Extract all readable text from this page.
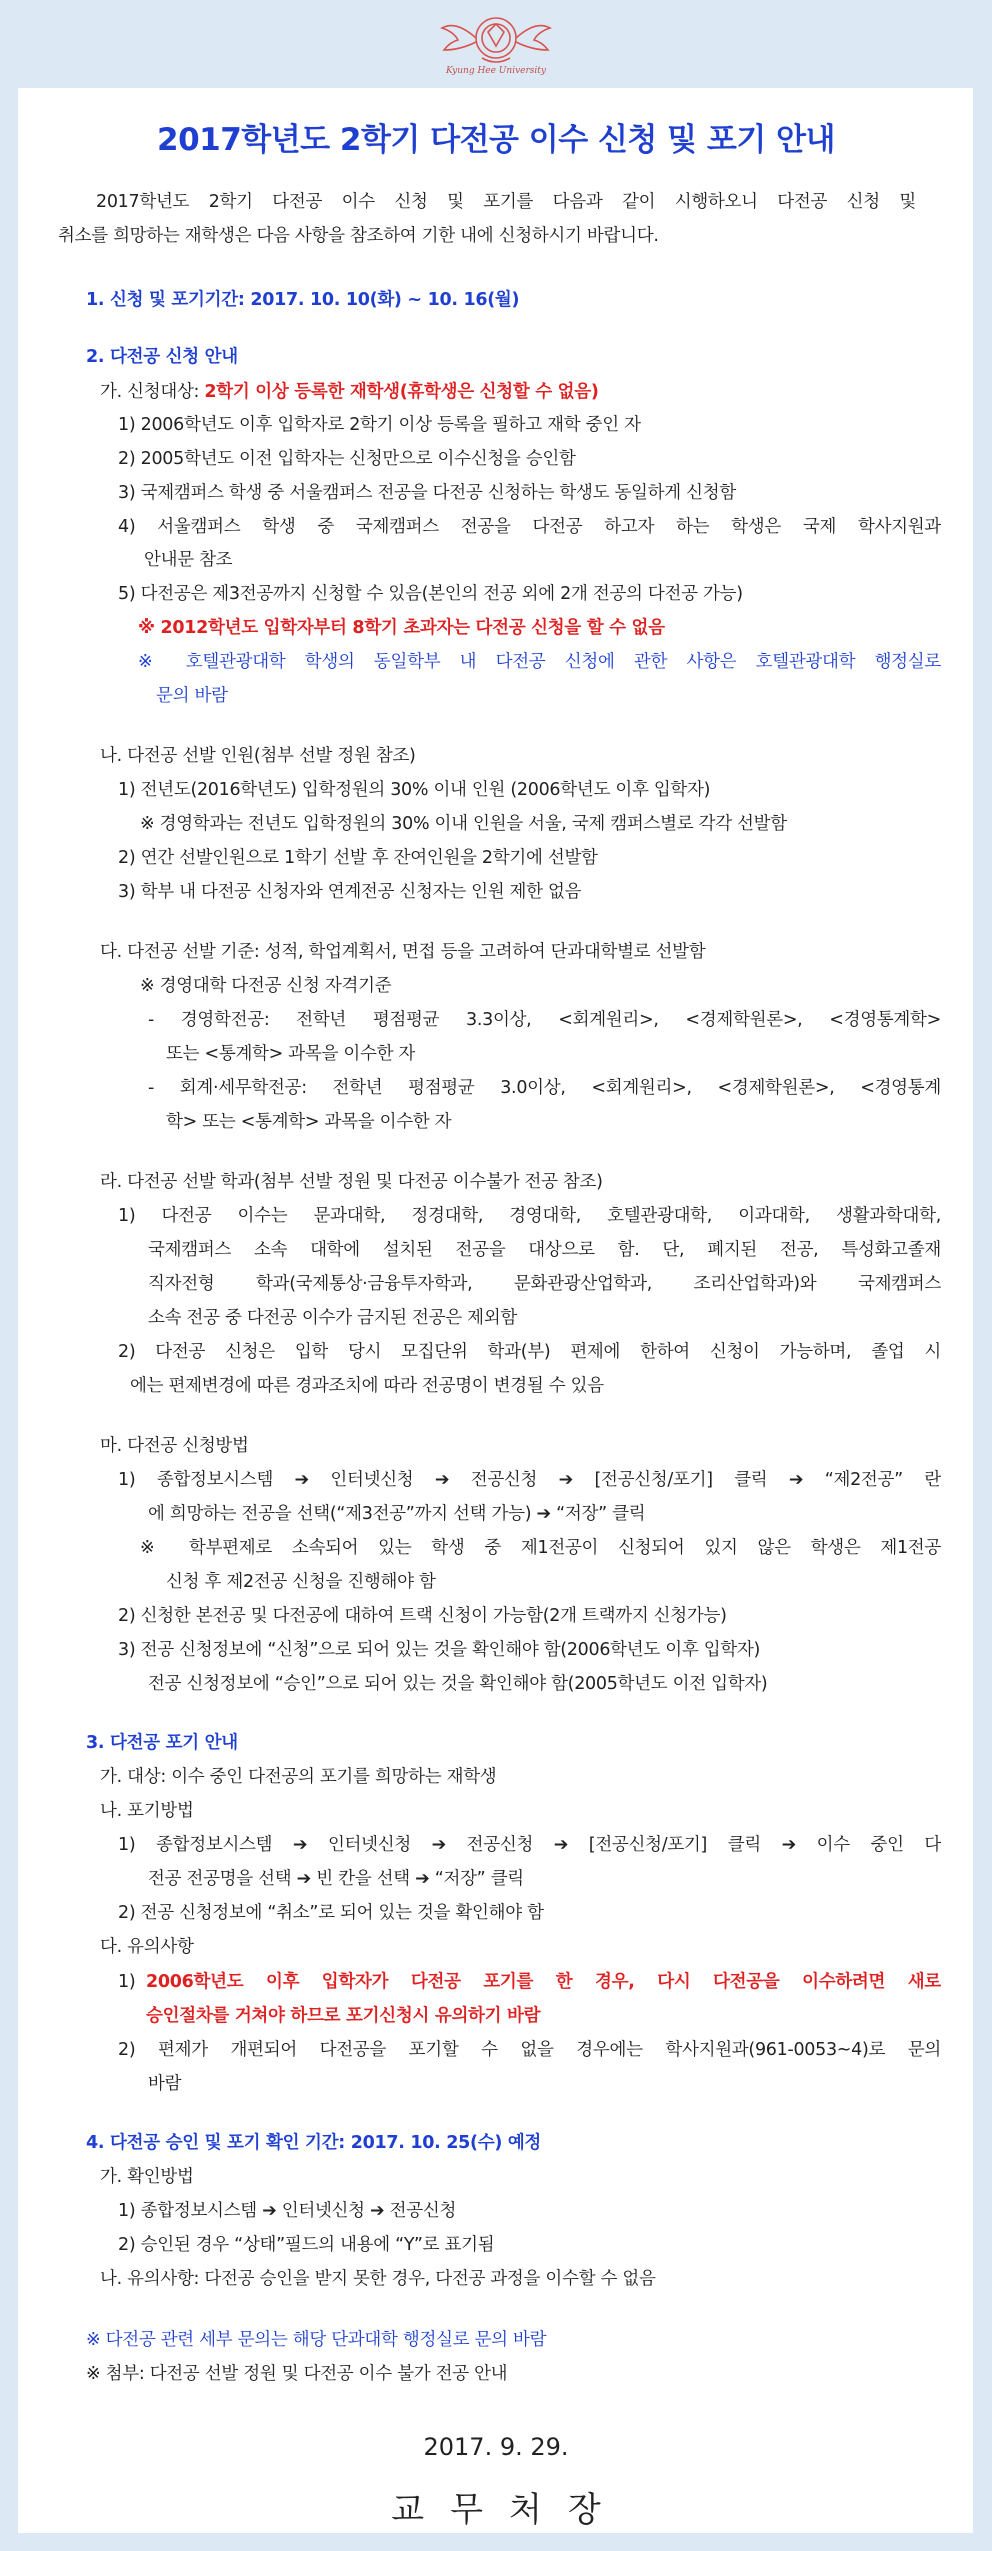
Kyung Hee University
2017학년도 2학기 다전공 이수 신청 및 포기 안내
2017학년도 2학기 다전공 이수 신청 및 포기를 다음과 같이 시행하오니 다전공 신청 및
취소를 희망하는 재학생은 다음 사항을 참조하여 기한 내에 신청하시기 바랍니다.
1. 신청 및 포기기간: 2017. 10. 10(화) ~ 10. 16(월)
2. 다전공 신청 안내
가. 신청대상: 2학기 이상 등록한 재학생(휴학생은 신청할 수 없음)
1) 2006학년도 이후 입학자로 2학기 이상 등록을 필하고 재학 중인 자
2) 2005학년도 이전 입학자는 신청만으로 이수신청을 승인함
3) 국제캠퍼스 학생 중 서울캠퍼스 전공을 다전공 신청하는 학생도 동일하게 신청함
4) 서울캠퍼스 학생 중 국제캠퍼스 전공을 다전공 하고자 하는 학생은 국제 학사지원과
안내문 참조
5) 다전공은 제3전공까지 신청할 수 있음(본인의 전공 외에 2개 전공의 다전공 가능)
※ 2012학년도 입학자부터 8학기 초과자는 다전공 신청을 할 수 없음
※ 호텔관광대학 학생의 동일학부 내 다전공 신청에 관한 사항은 호텔관광대학 행정실로
문의 바람
나. 다전공 선발 인원(첨부 선발 정원 참조)
1) 전년도(2016학년도) 입학정원의 30% 이내 인원 (2006학년도 이후 입학자)
※ 경영학과는 전년도 입학정원의 30% 이내 인원을 서울, 국제 캠퍼스별로 각각 선발함
2) 연간 선발인원으로 1학기 선발 후 잔여인원을 2학기에 선발함
3) 학부 내 다전공 신청자와 연계전공 신청자는 인원 제한 없음
다. 다전공 선발 기준: 성적, 학업계획서, 면접 등을 고려하여 단과대학별로 선발함
※ 경영대학 다전공 신청 자격기준
- 경영학전공: 전학년 평점평균 3.3이상, <회계원리>, <경제학원론>, <경영통계학>
또는 <통계학> 과목을 이수한 자
- 회계·세무학전공: 전학년 평점평균 3.0이상, <회계원리>, <경제학원론>, <경영통계
학> 또는 <통계학> 과목을 이수한 자
라. 다전공 선발 학과(첨부 선발 정원 및 다전공 이수불가 전공 참조)
1) 다전공 이수는 문과대학, 정경대학, 경영대학, 호텔관광대학, 이과대학, 생활과학대학,
국제캠퍼스 소속 대학에 설치된 전공을 대상으로 함. 단, 폐지된 전공, 특성화고졸재
직자전형 학과(국제통상·금융투자학과, 문화관광산업학과, 조리산업학과)와 국제캠퍼스
소속 전공 중 다전공 이수가 금지된 전공은 제외함
2) 다전공 신청은 입학 당시 모집단위 학과(부) 편제에 한하여 신청이 가능하며, 졸업 시
에는 편제변경에 따른 경과조치에 따라 전공명이 변경될 수 있음
마. 다전공 신청방법
1) 종합정보시스템 ➔ 인터넷신청 ➔ 전공신청 ➔ [전공신청/포기] 클릭 ➔ “제2전공” 란
에 희망하는 전공을 선택(“제3전공”까지 선택 가능) ➔ “저장” 클릭
※ 학부편제로 소속되어 있는 학생 중 제1전공이 신청되어 있지 않은 학생은 제1전공
신청 후 제2전공 신청을 진행해야 함
2) 신청한 본전공 및 다전공에 대하여 트랙 신청이 가능함(2개 트랙까지 신청가능)
3) 전공 신청정보에 “신청”으로 되어 있는 것을 확인해야 함(2006학년도 이후 입학자)
전공 신청정보에 “승인”으로 되어 있는 것을 확인해야 함(2005학년도 이전 입학자)
3. 다전공 포기 안내
가. 대상: 이수 중인 다전공의 포기를 희망하는 재학생
나. 포기방법
1) 종합정보시스템 ➔ 인터넷신청 ➔ 전공신청 ➔ [전공신청/포기] 클릭 ➔ 이수 중인 다
전공 전공명을 선택 ➔ 빈 칸을 선택 ➔ “저장” 클릭
2) 전공 신청정보에 “취소”로 되어 있는 것을 확인해야 함
다. 유의사항
1) 2006학년도 이후 입학자가 다전공 포기를 한 경우, 다시 다전공을 이수하려면 새로
승인절차를 거쳐야 하므로 포기신청시 유의하기 바람
2) 편제가 개편되어 다전공을 포기할 수 없을 경우에는 학사지원과(961-0053~4)로 문의
바람
4. 다전공 승인 및 포기 확인 기간: 2017. 10. 25(수) 예정
가. 확인방법
1) 종합정보시스템 ➔ 인터넷신청 ➔ 전공신청
2) 승인된 경우 “상태”필드의 내용에 “Y”로 표기됨
나. 유의사항: 다전공 승인을 받지 못한 경우, 다전공 과정을 이수할 수 없음
※ 다전공 관련 세부 문의는 해당 단과대학 행정실로 문의 바람
※ 첨부: 다전공 선발 정원 및 다전공 이수 불가 전공 안내
2017. 9. 29.
교무처장
